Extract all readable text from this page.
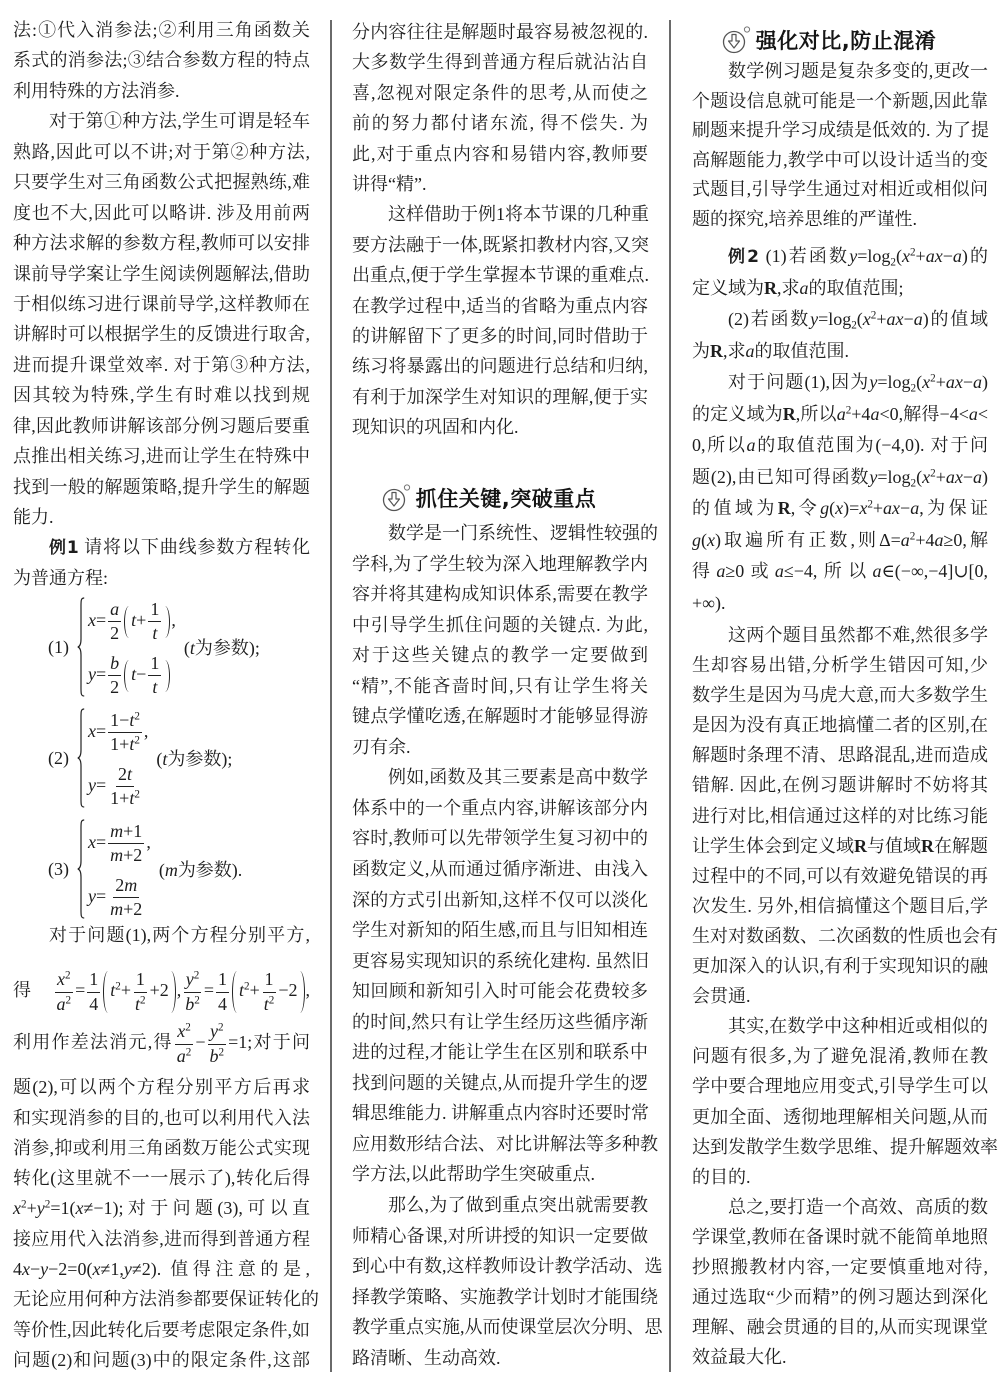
法:①代入消参法;②利用三角函数关
系式的消参法;③结合参数方程的特点
利用特殊的方法消参.
对于第①种方法,学生可谓是轻车
熟路,因此可以不讲;对于第②种方法,
只要学生对三角函数公式把握熟练,难
度也不大,因此可以略讲. 涉及用前两
种方法求解的参数方程,教师可以安排
课前导学案让学生阅读例题解法,借助
于相似练习进行课前导学,这样教师在
讲解时可以根据学生的反馈进行取舍,
进而提升课堂效率. 对于第③种方法,
因其较为特殊,学生有时难以找到规
律,因此教师讲解该部分例习题后要重
点推出相关练习,进而让学生在特殊中
找到一般的解题策略,提升学生的解题
能力.
例1 请将以下曲线参数方程转化
为普通方程:
(1)
$x= \frac{a}{2} t+ \frac{1}{t}$ ,
$y= \frac{b}{2} t- \frac{1}{t}$
(t为参数);
(2)
$x= \frac{1-t^2}{1+t^2}$ ,
$y= \frac{2t}{1+t^2}$
(t为参数);
(3)
$x= \frac{m+1}{m+2}$ ,
$y= \frac{2m}{m+2}$
(m为参数).
对于问题(1),两个方程分别平方,
得 $\frac{x^2}{a^2} = \frac{1}{4} t^2+ \frac{1}{t^2} +2$ , $\frac{y^2}{b^2} = \frac{1}{4} t^2+ \frac{1}{t^2} -2$ ,
利用作差法消元,得 $\frac{x^2}{a^2} - \frac{y^2}{b^2} =1$;对于问
题(2),可以两个方程分别平方后再求
和实现消参的目的,也可以利用代入法
消参,抑或利用三角函数万能公式实现
转化(这里就不一一展示了),转化后得
$x^2+y^2=1(x\ne-1)$;对于问题(3),可以直
接应用代入法消参,进而得到普通方程
4x−y−2=0(x≠1,y≠2). 值得注意的是,
无论应用何种方法消参都要保证转化的
等价性,因此转化后要考虑限定条件,如
问题(2)和问题(3)中的限定条件,这部
分内容往往是解题时最容易被忽视的.
大多数学生得到普通方程后就沾沾自
喜,忽视对限定条件的思考,从而使之
前的努力都付诸东流, 得不偿失. 为
此,对于重点内容和易错内容,教师要
讲得“精”.
这样借助于例1将本节课的几种重
要方法融于一体,既紧扣教材内容,又突
出重点,便于学生掌握本节课的重难点.
在教学过程中,适当的省略为重点内容
的讲解留下了更多的时间,同时借助于
练习将暴露出的问题进行总结和归纳,
有利于加深学生对知识的理解,便于实
现知识的巩固和内化.
抓住关键,突破重点
数学是一门系统性、逻辑性较强的
学科,为了学生较为深入地理解教学内
容并将其建构成知识体系,需要在教学
中引导学生抓住问题的关键点. 为此,
对于这些关键点的教学一定要做到
“精”,不能吝啬时间,只有让学生将关
键点学懂吃透,在解题时才能够显得游
刃有余.
例如,函数及其三要素是高中数学
体系中的一个重点内容,讲解该部分内
容时,教师可以先带领学生复习初中的
函数定义,从而通过循序渐进、由浅入
深的方式引出新知,这样不仅可以淡化
学生对新知的陌生感,而且与旧知相连
更容易实现知识的系统化建构. 虽然旧
知回顾和新知引入时可能会花费较多
的时间,然只有让学生经历这些循序渐
进的过程,才能让学生在区别和联系中
找到问题的关键点,从而提升学生的逻
辑思维能力. 讲解重点内容时还要时常
应用数形结合法、对比讲解法等多种教
学方法,以此帮助学生突破重点.
那么,为了做到重点突出就需要教
师精心备课,对所讲授的知识一定要做
到心中有数,这样教师设计教学活动、选
择教学策略、实施教学计划时才能围绕
教学重点实施,从而使课堂层次分明、思
路清晰、生动高效.
强化对比,防止混淆
数学例习题是复杂多变的,更改一
个题设信息就可能是一个新题,因此靠
刷题来提升学习成绩是低效的. 为了提
高解题能力,教学中可以设计适当的变
式题目,引导学生通过对相近或相似问
题的探究,培养思维的严谨性.
例2 (1)若函数$y=\log 2(x^2+ax-a)$的
定义域为R,求a的取值范围;
(2)若函数$y=\log 2(x^2+ax-a)$的值域
为R,求a的取值范围.
对于问题(1),因为$y=\log 2(x^2+ax-a)$
的定义域为R,所以$a^2+4a<0$,解得−4<a<
0,所以a的取值范围为(−4,0). 对于问
题(2),由已知可得函数$y=\log 2(x^2+ax-a)$
的值域为R,令$g(x)=x^2+ax-a$,为保证
g(x)取遍所有正数,则$\Delta=a^2+4a\ge 0$,解
得a≥0或a≤−4,所以a∈(−∞,−4]∪[0,
+∞).
这两个题目虽然都不难,然很多学
生却容易出错,分析学生错因可知,少
数学生是因为马虎大意,而大多数学生
是因为没有真正地搞懂二者的区别,在
解题时条理不清、思路混乱,进而造成
错解. 因此,在例习题讲解时不妨将其
进行对比,相信通过这样的对比练习能
让学生体会到定义域R与值域R在解题
过程中的不同,可以有效避免错误的再
次发生. 另外,相信搞懂这个题目后,学
生对对数函数、二次函数的性质也会有
更加深入的认识,有利于实现知识的融
会贯通.
其实,在数学中这种相近或相似的
问题有很多,为了避免混淆,教师在教
学中要合理地应用变式,引导学生可以
更加全面、透彻地理解相关问题,从而
达到发散学生数学思维、提升解题效率
的目的.
总之,要打造一个高效、高质的数
学课堂,教师在备课时就不能简单地照
抄照搬教材内容,一定要慎重地对待,
通过选取“少而精”的例习题达到深化
理解、融会贯通的目的,从而实现课堂
效益最大化.
